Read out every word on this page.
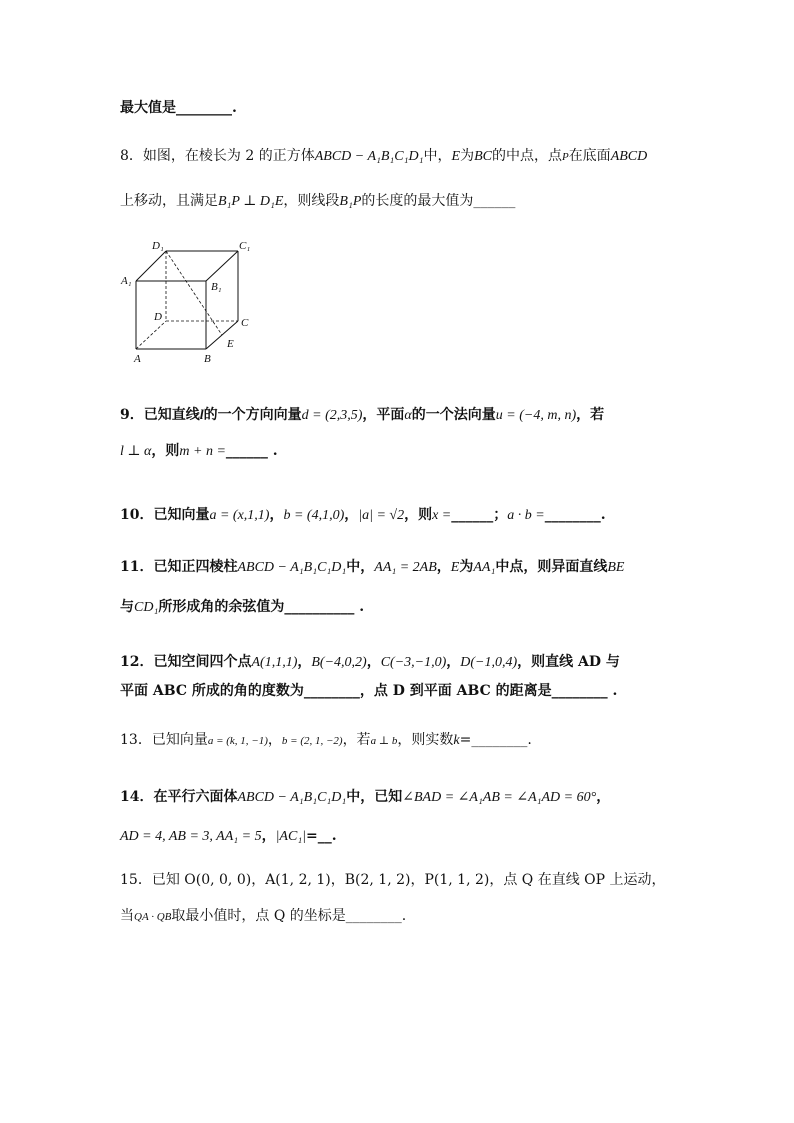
最大值是________.
8．如图，在棱长为 2 的正方体ABCD − A₁B₁C₁D₁中，E为BC的中点，点P在底面ABCD
上移动，且满足B₁P ⊥ D₁E，则线段B₁P的长度的最大值为______
D₁	C₁
A₁	B₁
D	C
A	B
E
9．已知直线l的一个方向向量d = (2,3,5)，平面α的一个法向量u = (−4, m, n)，若
l ⊥ α，则m + n =______ .
10．已知向量a = (x,1,1)，b = (4,1,0)，|a| = √2，则x =______；a · b =________.
11．已知正四棱柱ABCD − A₁B₁C₁D₁中，AA₁ = 2AB，E为AA₁中点，则异面直线BE
与CD₁所形成角的余弦值为__________ .
12．已知空间四个点A(1,1,1)，B(−4,0,2)，C(−3,−1,0)，D(−1,0,4)，则直线 AD 与
平面 ABC 所成的角的度数为________，点 D 到平面 ABC 的距离是________ .
13．已知向量a = (k, 1, −1)，b = (2, 1, −2)，若a ⊥ b，则实数k=________.
14．在平行六面体ABCD − A₁B₁C₁D₁中，已知∠BAD = ∠A₁AB = ∠A₁AD = 60°，
AD = 4, AB = 3, AA₁ = 5，|AC₁|=__.
15．已知 O(0, 0, 0)，A(1, 2, 1)，B(2, 1, 2)，P(1, 1, 2)，点 Q 在直线 OP 上运动，
当QA · QB取最小值时，点 Q 的坐标是________.
